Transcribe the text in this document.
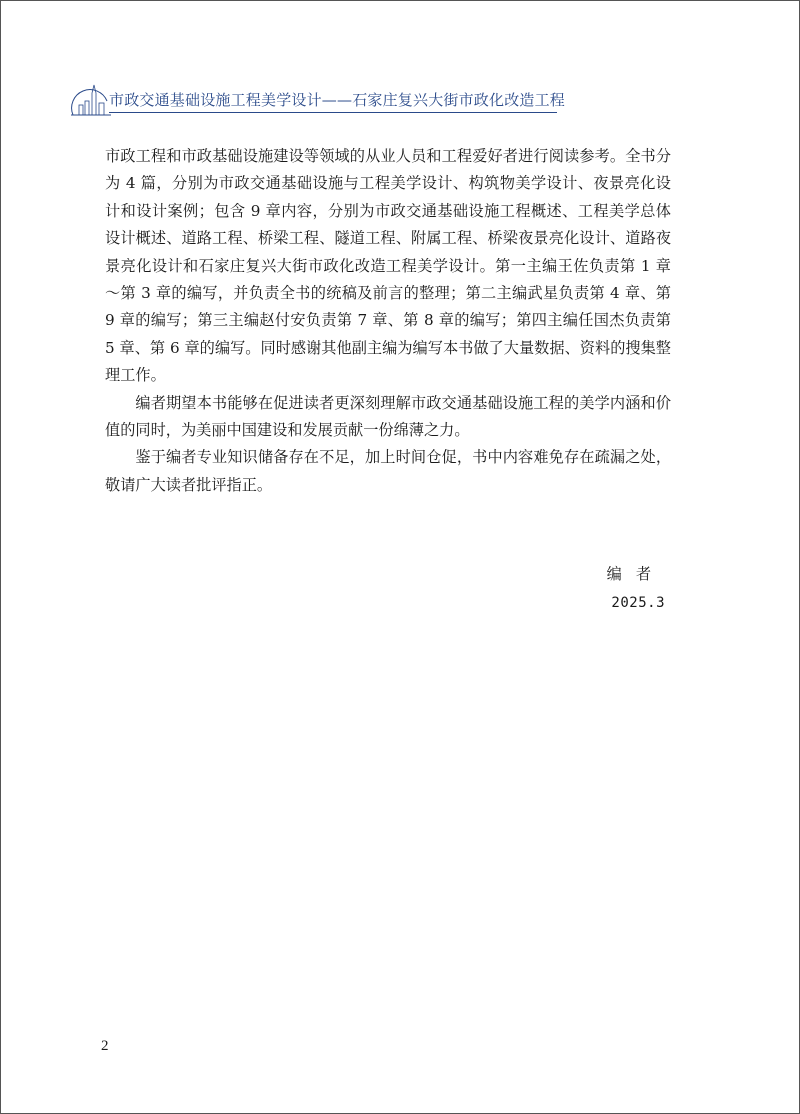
市政交通基础设施工程美学设计——石家庄复兴大街市政化改造工程

市政工程和市政基础设施建设等领域的从业人员和工程爱好者进行阅读参考。全书分为 4 篇，分别为市政交通基础设施与工程美学设计、构筑物美学设计、夜景亮化设计和设计案例；包含 9 章内容，分别为市政交通基础设施工程概述、工程美学总体设计概述、道路工程、桥梁工程、隧道工程、附属工程、桥梁夜景亮化设计、道路夜景亮化设计和石家庄复兴大街市政化改造工程美学设计。第一主编王佐负责第 1 章～第 3 章的编写，并负责全书的统稿及前言的整理；第二主编武星负责第 4 章、第 9 章的编写；第三主编赵付安负责第 7 章、第 8 章的编写；第四主编任国杰负责第 5 章、第 6 章的编写。同时感谢其他副主编为编写本书做了大量数据、资料的搜集整理工作。

编者期望本书能够在促进读者更深刻理解市政交通基础设施工程的美学内涵和价值的同时，为美丽中国建设和发展贡献一份绵薄之力。

鉴于编者专业知识储备存在不足，加上时间仓促，书中内容难免存在疏漏之处，敬请广大读者批评指正。

编者
2025.3
2
